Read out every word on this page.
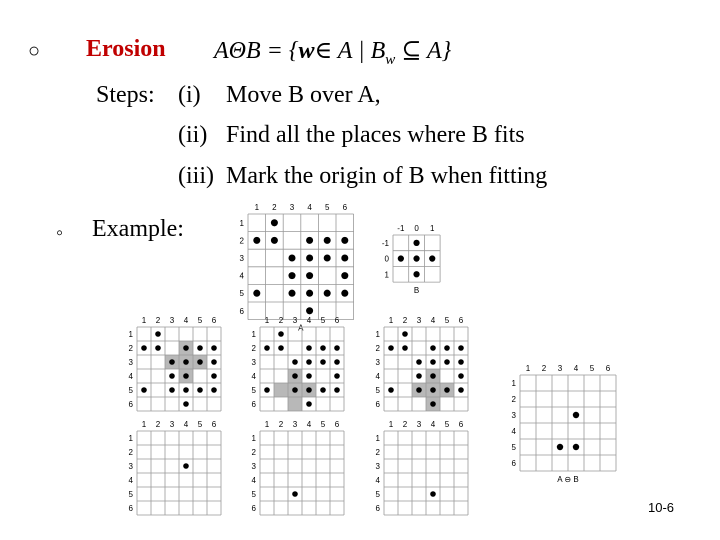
○ Erosion AΘB = {w∈ A | $B_w$ ⊆ A}
Steps: (i) Move B over A,
(ii) Find all the places where B fits
(iii) Mark the origin of B when fitting
◦ Example:
1 2 3 4 5 6
1
2
3
4
5
6
A
-1 0 1
-1
0
1
B
1 2 3 4 5 6
1
2
3
4
5
6
1 2 3 4 5 6
1
2
3
4
5
6
1 2 3 4 5 6
1
2
3
4
5
6
1 2 3 4 5 6
1
2
3
4
5
6
1 2 3 4 5 6
1
2
3
4
5
6
1 2 3 4 5 6
1
2
3
4
5
6
1 2 3 4 5 6
1
2
3
4
5
6
A ⊖ B
10-6
